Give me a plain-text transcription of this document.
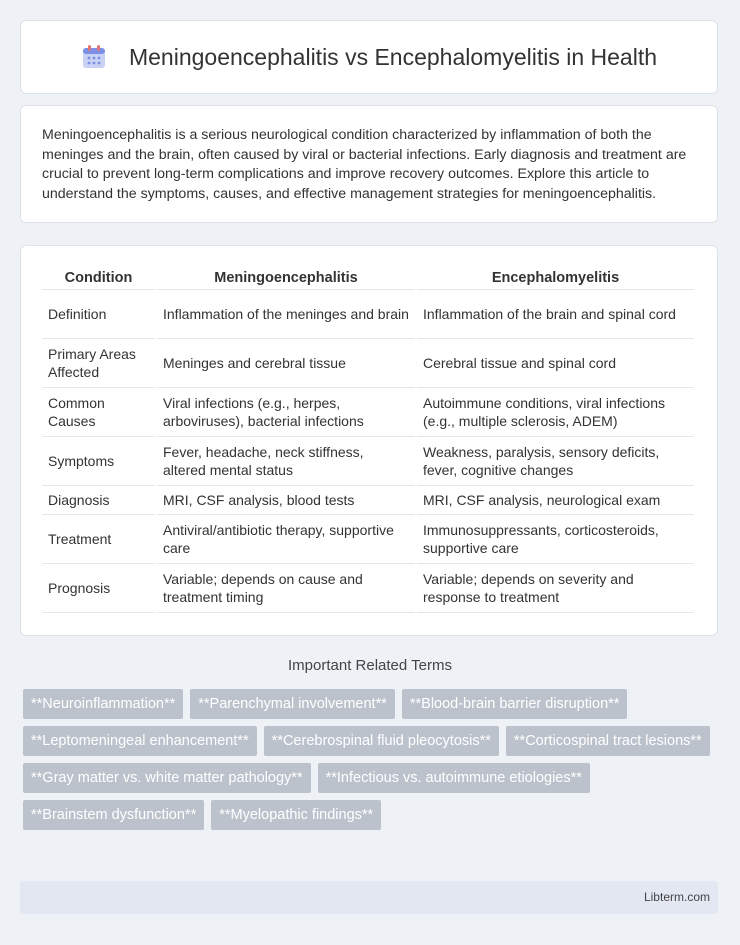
Meningoencephalitis vs Encephalomyelitis in Health
Meningoencephalitis is a serious neurological condition characterized by inflammation of both the meninges and the brain, often caused by viral or bacterial infections. Early diagnosis and treatment are crucial to prevent long-term complications and improve recovery outcomes. Explore this article to understand the symptoms, causes, and effective management strategies for meningoencephalitis.
Condition	Meningoencephalitis	Encephalomyelitis
Definition	Inflammation of the meninges and brain	Inflammation of the brain and spinal cord
Primary Areas Affected	Meninges and cerebral tissue	Cerebral tissue and spinal cord
Common Causes	Viral infections (e.g., herpes, arboviruses), bacterial infections	Autoimmune conditions, viral infections (e.g., multiple sclerosis, ADEM)
Symptoms	Fever, headache, neck stiffness, altered mental status	Weakness, paralysis, sensory deficits, fever, cognitive changes
Diagnosis	MRI, CSF analysis, blood tests	MRI, CSF analysis, neurological exam
Treatment	Antiviral/antibiotic therapy, supportive care	Immunosuppressants, corticosteroids, supportive care
Prognosis	Variable; depends on cause and treatment timing	Variable; depends on severity and response to treatment
Important Related Terms
**Neuroinflammation**	**Parenchymal involvement**	**Blood-brain barrier disruption**
**Leptomeningeal enhancement**	**Cerebrospinal fluid pleocytosis**	**Corticospinal tract lesions**
**Gray matter vs. white matter pathology**	**Infectious vs. autoimmune etiologies**
**Brainstem dysfunction**	**Myelopathic findings**
Libterm.com
